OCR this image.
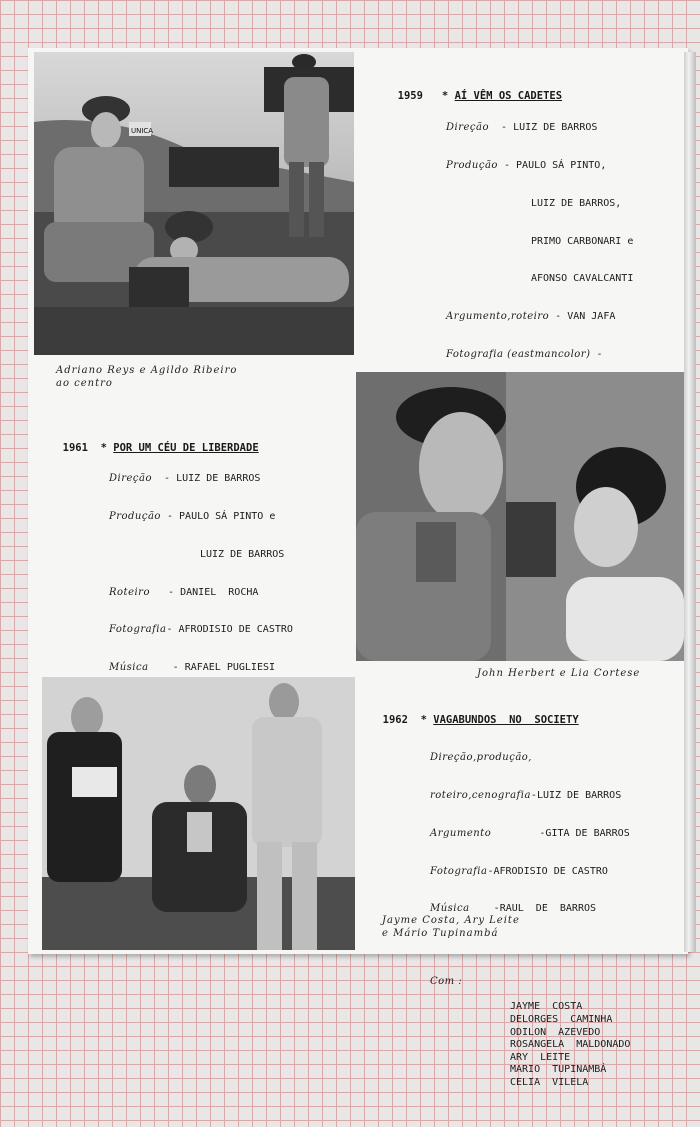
UNICA
Adriano Reys e Agildo Ribeiro
ao centro

1959   * AÍ VÊM OS CADETES

Direção - LUIZ DE BARROS

Produção - PAULO SÁ PINTO,

LUIZ DE BARROS,

PRIMO CARBONARI e

AFONSO CAVALCANTI

Argumento,roteiro - VAN JAFA

Fotografia (eastmancolor) -

John Herbert e Lia Cortese

1961  * POR UM CÉU DE LIBERDADE

Direção - LUIZ DE BARROS

Produção - PAULO SÁ PINTO e

LUIZ DE BARROS

Roteiro - DANIEL  ROCHA

Fotografia - AFRODISIO DE CASTRO

Música - RAFAEL PUGLIESI

1962  * VAGABUNDOS  NO  SOCIETY

Direção,produção,

roteiro,cenografia - LUIZ DE BARROS

Argumento - GITA DE BARROS

Fotografia - AFRODISIO DE CASTRO

Música - RAUL  DE  BARROS

Com :

JAYME  COSTA
DELORGES  CAMINHA
ODILON  AZEVEDO
ROSANGELA  MALDONADO
ARY  LEITE
MARIO  TUPINAMBÁ
CELIA  VILELA

Jayme Costa, Ary Leite
e Mário Tupinambá
